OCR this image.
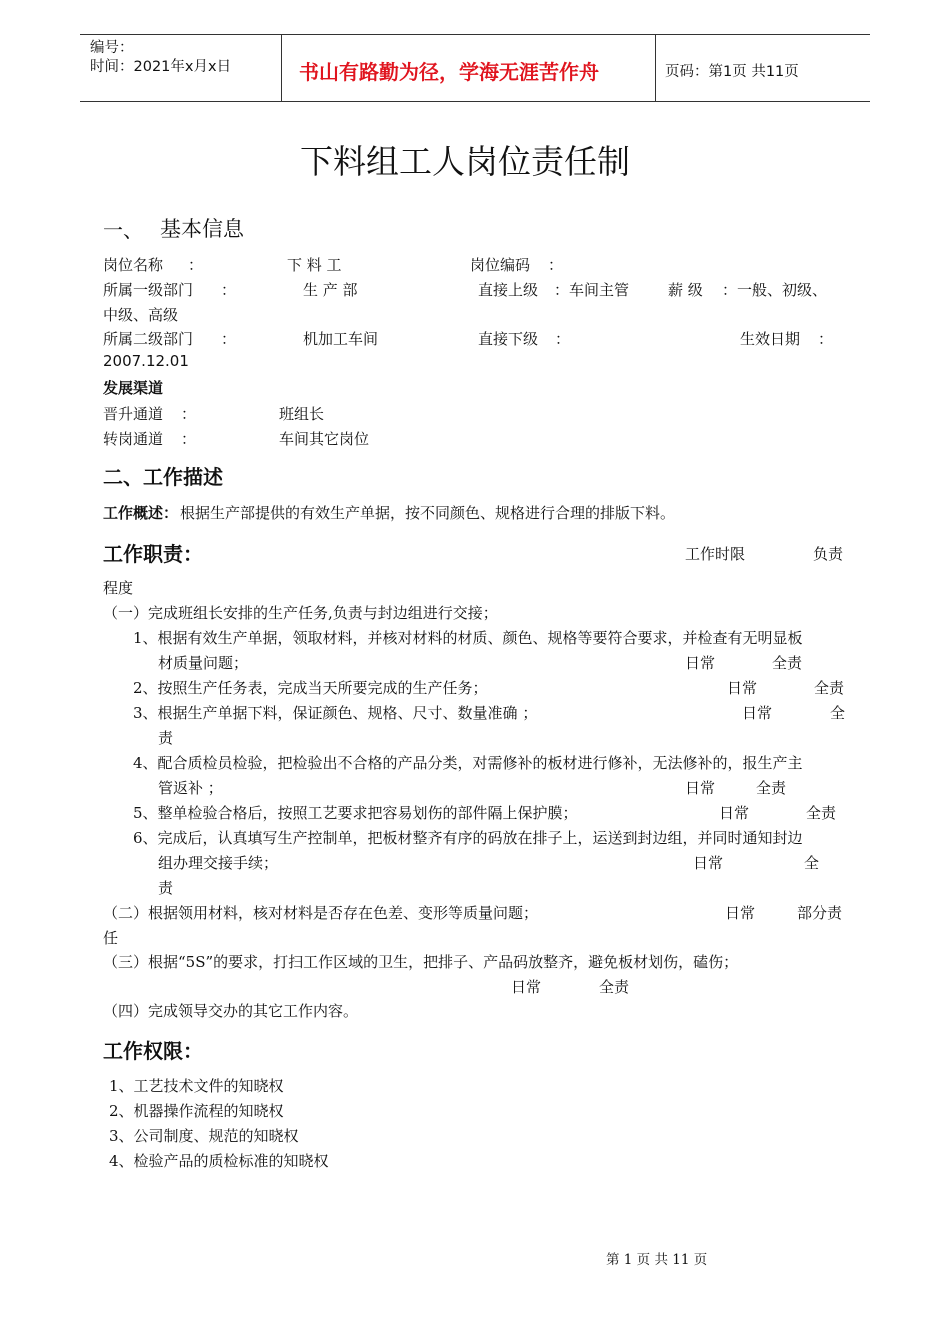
编号：
时间：2021年x月x日	书山有路勤为径，学海无涯苦作舟	页码：第1页 共11页
下料组工人岗位责任制
一、 基本信息
岗位名称 ：	下 料 工	岗位编码 ：
所属一级部门 ：	生 产 部	直接上级 ：车间主管	薪 级 ：一般、初级、
中级、高级
所属二级部门 ：	机加工车间	直接下级 ：	生效日期 ：
2007.12.01
发展渠道
晋升通道 ：	班组长
转岗通道 ：	车间其它岗位
二、工作描述
工作概述： 根据生产部提供的有效生产单据，按不同颜色、规格进行合理的排版下料。
工作职责：	工作时限	负责
程度
（一）完成班组长安排的生产任务,负责与封边组进行交接；
1、根据有效生产单据，领取材料，并核对材料的材质、颜色、规格等要符合要求，并检查有无明显板
材质量问题；	日常	全责
2、按照生产任务表，完成当天所要完成的生产任务；	日常	全责
3、根据生产单据下料，保证颜色、规格、尺寸、数量准确 ；	日常	全
责
4、配合质检员检验，把检验出不合格的产品分类，对需修补的板材进行修补，无法修补的，报生产主
管返补 ；	日常	全责
5、整单检验合格后，按照工艺要求把容易划伤的部件隔上保护膜；	日常	全责
6、完成后，认真填写生产控制单，把板材整齐有序的码放在排子上，运送到封边组，并同时通知封边
组办理交接手续；	日常	全
责
（二）根据领用材料，核对材料是否存在色差、变形等质量问题；	日常	部分责
任
（三）根据“5S”的要求，打扫工作区域的卫生，把排子、产品码放整齐，避免板材划伤，磕伤；
日常	全责
（四）完成领导交办的其它工作内容。
工作权限：
1、工艺技术文件的知晓权
2、机器操作流程的知晓权
3、公司制度、规范的知晓权
4、检验产品的质检标准的知晓权
第 1 页 共 11 页
